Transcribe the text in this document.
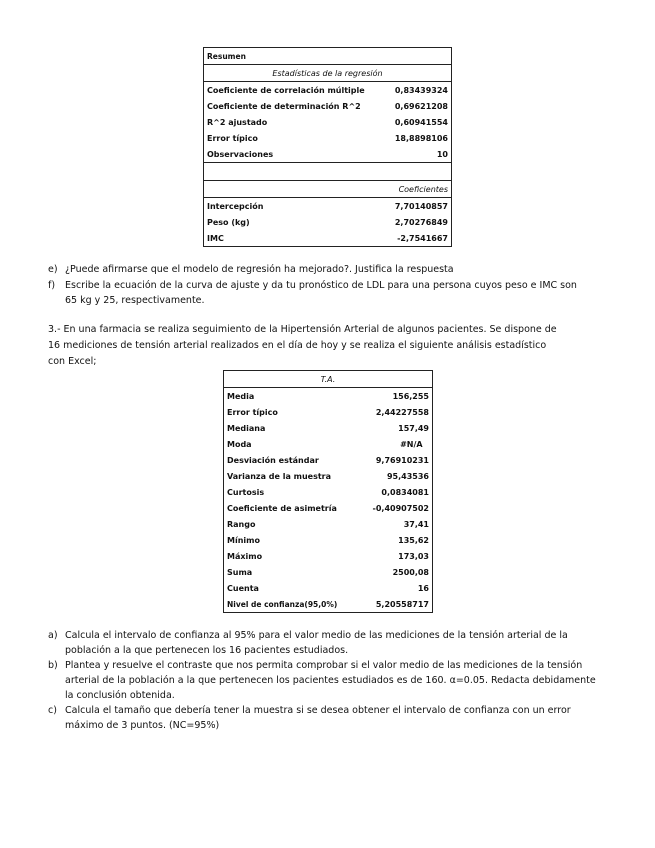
Resumen	
Estadísticas de la regresión	
Coeficiente de correlación múltiple	0,83439324
Coeficiente de determinación R^2	0,69621208
R^2 ajustado	0,60941554
Error típico	18,8898106
Observaciones	10

	Coeficientes
Intercepción	7,70140857
Peso (kg)	2,70276849
IMC	-2,7541667
e) ¿Puede afirmarse que el modelo de regresión ha mejorado?. Justifica la respuesta
f) Escribe la ecuación de la curva de ajuste y da tu pronóstico de LDL para una persona cuyos peso e IMC son
65 kg y 25, respectivamente.
3.- En una farmacia se realiza seguimiento de la Hipertensión Arterial de algunos pacientes. Se dispone de
16 mediciones de tensión arterial realizados en el día de hoy y se realiza el siguiente análisis estadístico
con Excel;
T.A.	
Media	156,255
Error típico	2,44227558
Mediana	157,49
Moda	#N/A
Desviación estándar	9,76910231
Varianza de la muestra	95,43536
Curtosis	0,0834081
Coeficiente de asimetría	-0,40907502
Rango	37,41
Mínimo	135,62
Máximo	173,03
Suma	2500,08
Cuenta	16
Nivel de confianza(95,0%)	5,20558717
a) Calcula el intervalo de confianza al 95% para el valor medio de las mediciones de la tensión arterial de la
población a la que pertenecen los 16 pacientes estudiados.
b) Plantea y resuelve el contraste que nos permita comprobar si el valor medio de las mediciones de la tensión
arterial de la población a la que pertenecen los pacientes estudiados es de 160. α=0.05. Redacta debidamente
la conclusión obtenida.
c) Calcula el tamaño que debería tener la muestra si se desea obtener el intervalo de confianza con un error
máximo de 3 puntos. (NC=95%)
